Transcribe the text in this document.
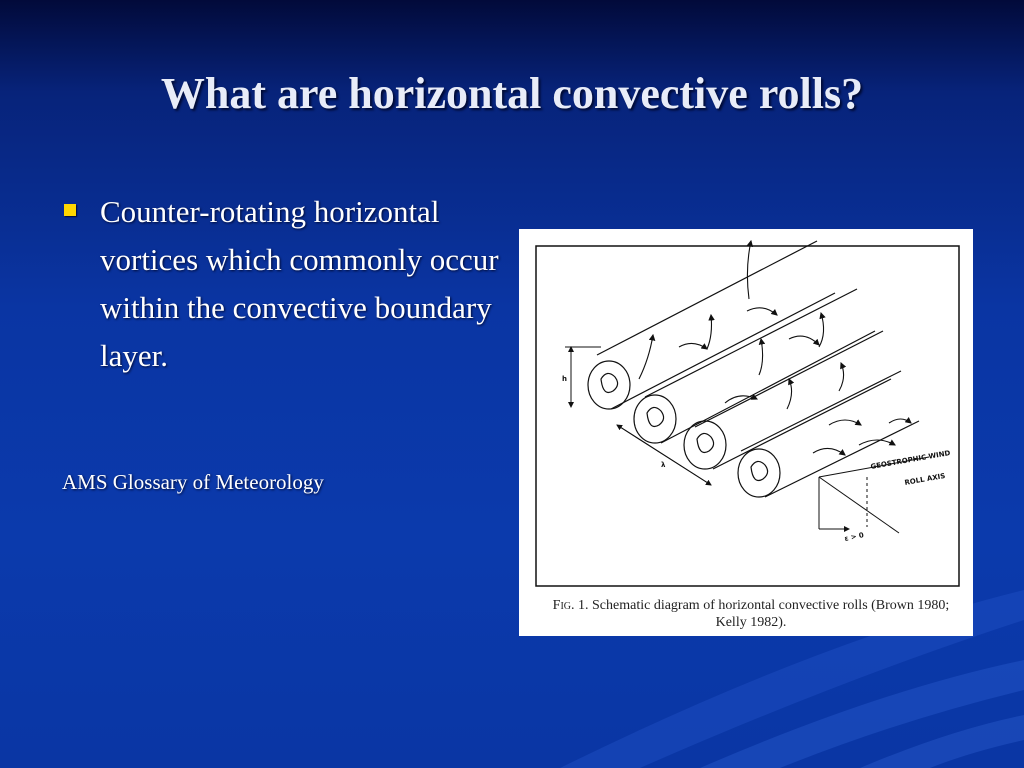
What are horizontal convective rolls?

Counter-rotating horizontal vortices which commonly occur within the convective boundary layer.

AMS Glossary of Meteorology
h
λ	GEOSTROPHIC WIND
ROLL AXIS
ε > 0
Fig. 1. Schematic diagram of horizontal convective rolls (Brown 1980; Kelly 1982).
